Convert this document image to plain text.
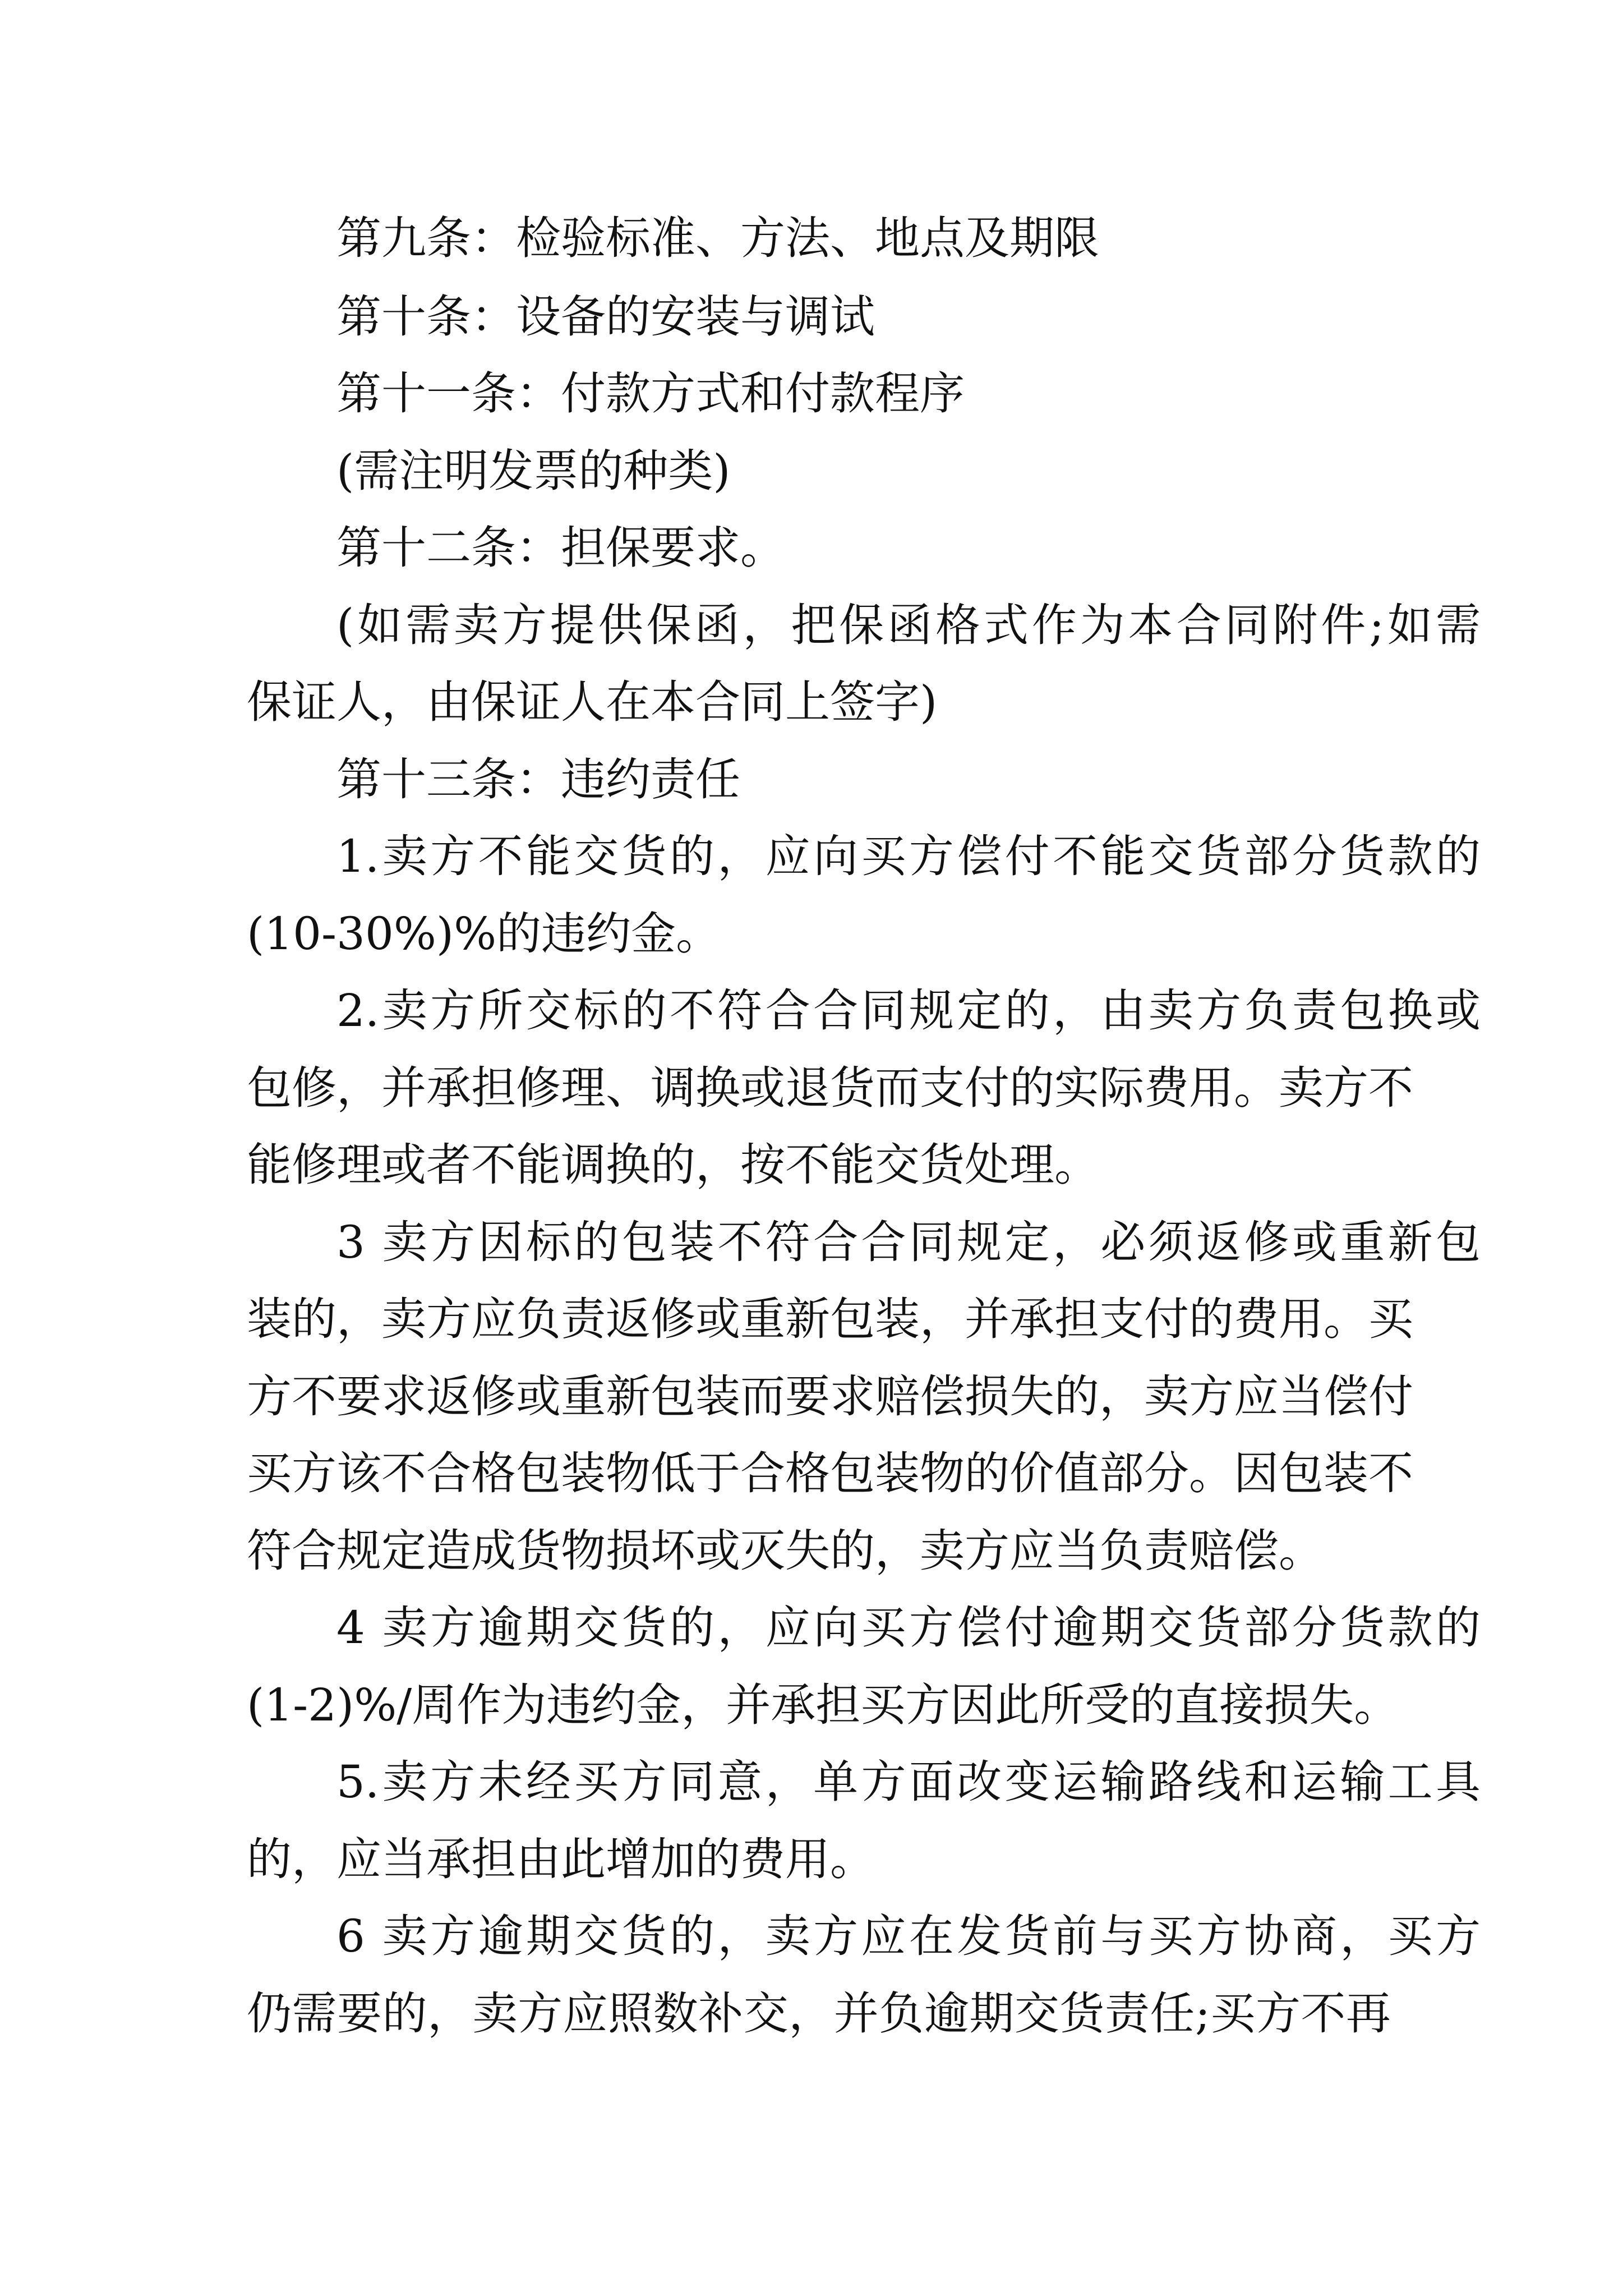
第九条：检验标准、方法、地点及期限
第十条：设备的安装与调试
第十一条：付款方式和付款程序
(需注明发票的种类)
第十二条：担保要求。
(如需卖方提供保函，把保函格式作为本合同附件;如需
保证人，由保证人在本合同上签字)
第十三条：违约责任
1.卖方不能交货的，应向买方偿付不能交货部分货款的
(10-30%)%的违约金。
2.卖方所交标的不符合合同规定的，由卖方负责包换或
包修，并承担修理、调换或退货而支付的实际费用。卖方不
能修理或者不能调换的，按不能交货处理。
3 卖方因标的包装不符合合同规定，必须返修或重新包
装的，卖方应负责返修或重新包装，并承担支付的费用。买
方不要求返修或重新包装而要求赔偿损失的，卖方应当偿付
买方该不合格包装物低于合格包装物的价值部分。因包装不
符合规定造成货物损坏或灭失的，卖方应当负责赔偿。
4 卖方逾期交货的，应向买方偿付逾期交货部分货款的
(1-2)%/周作为违约金，并承担买方因此所受的直接损失。
5.卖方未经买方同意，单方面改变运输路线和运输工具
的，应当承担由此增加的费用。
6 卖方逾期交货的，卖方应在发货前与买方协商，买方
仍需要的，卖方应照数补交，并负逾期交货责任;买方不再
